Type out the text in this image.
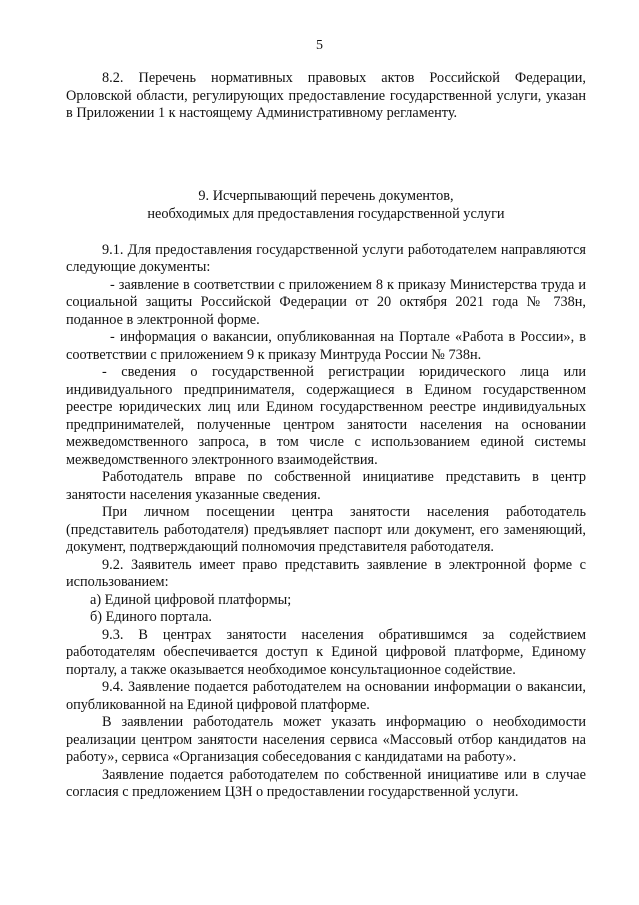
5

8.2. Перечень нормативных правовых актов Российской Федерации, Орловской области, регулирующих предоставление государственной услуги, указан в Приложении 1 к настоящему Административному регламенту.

9. Исчерпывающий перечень документов,
необходимых для предоставления государственной услуги

9.1. Для предоставления государственной услуги работодателем направляются следующие документы:

- заявление в соответствии с приложением 8 к приказу Министерства труда и социальной защиты Российской Федерации от 20 октября 2021 года № 738н, поданное в электронной форме.

- информация о вакансии, опубликованная на Портале «Работа в России», в соответствии с приложением 9 к приказу Минтруда России № 738н.

- сведения о государственной регистрации юридического лица или индивидуального предпринимателя, содержащиеся в Едином государственном реестре юридических лиц или Едином государственном реестре индивидуальных предпринимателей, полученные центром занятости населения на основании межведомственного запроса, в том числе с использованием единой системы межведомственного электронного взаимодействия.

Работодатель вправе по собственной инициативе представить в центр занятости населения указанные сведения.

При личном посещении центра занятости населения работодатель (представитель работодателя) предъявляет паспорт или документ, его заменяющий, документ, подтверждающий полномочия представителя работодателя.

9.2. Заявитель имеет право представить заявление в электронной форме с использованием:

а) Единой цифровой платформы;

б) Единого портала.

9.3. В центрах занятости населения обратившимся за содействием работодателям обеспечивается доступ к Единой цифровой платформе, Единому порталу, а также оказывается необходимое консультационное содействие.

9.4. Заявление подается работодателем на основании информации о вакансии, опубликованной на Единой цифровой платформе.

В заявлении работодатель может указать информацию о необходимости реализации центром занятости населения сервиса «Массовый отбор кандидатов на работу», сервиса «Организация собеседования с кандидатами на работу».

Заявление подается работодателем по собственной инициативе или в случае согласия с предложением ЦЗН о предоставлении государственной услуги.
